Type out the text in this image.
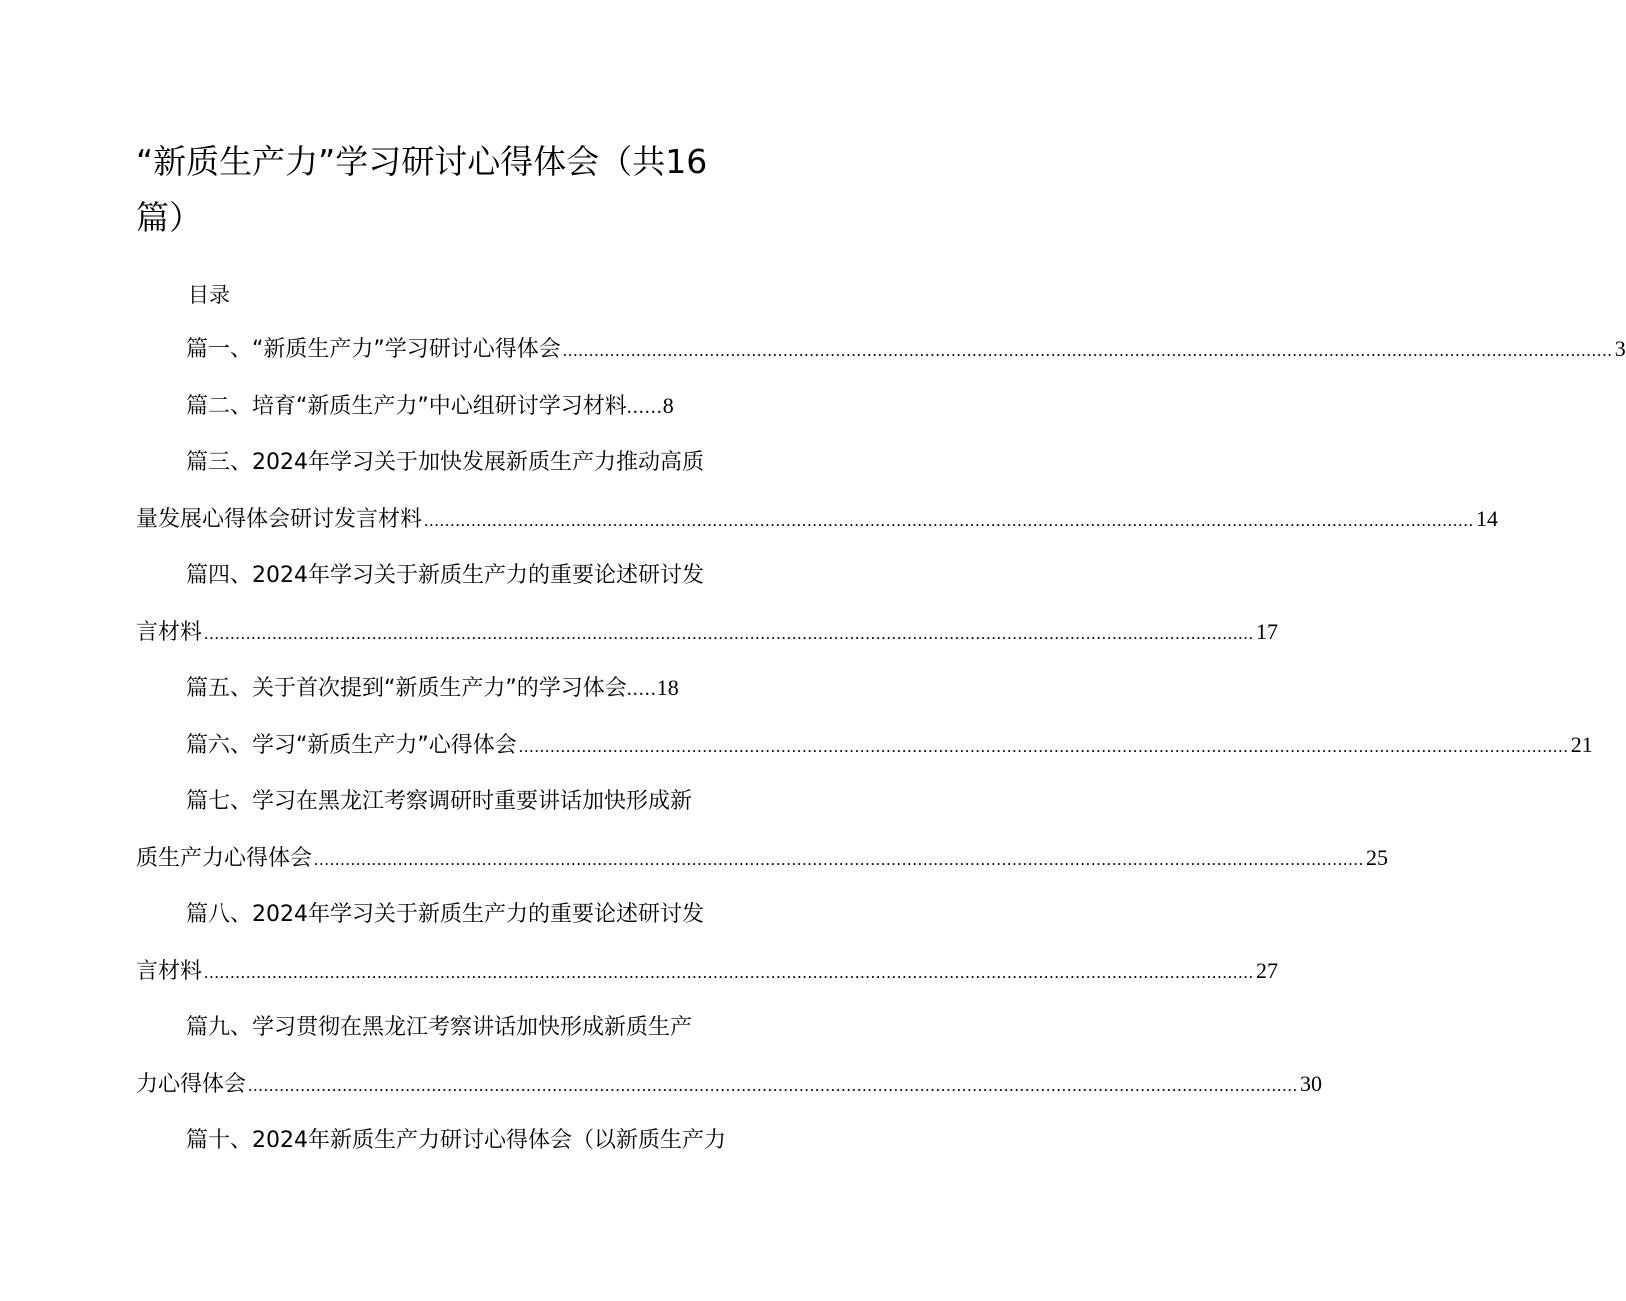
“新质生产力”学习研讨心得体会（共16篇）
目录
篇一、“新质生产力”学习研讨心得体会 ........................................................................................................................................................................................................ 3
篇二、培育“新质生产力”中心组研讨学习材料 ...... 8
篇三、2024年学习关于加快发展新质生产力推动高质
量发展心得体会研讨发言材料 ........................................................................................................................................................................................................ 14
篇四、2024年学习关于新质生产力的重要论述研讨发
言材料 ........................................................................................................................................................................................................ 17
篇五、关于首次提到“新质生产力”的学习体会 ..... 18
篇六、学习“新质生产力”心得体会 ........................................................................................................................................................................................................ 21
篇七、学习在黑龙江考察调研时重要讲话加快形成新
质生产力心得体会 ........................................................................................................................................................................................................ 25
篇八、2024年学习关于新质生产力的重要论述研讨发
言材料 ........................................................................................................................................................................................................ 27
篇九、学习贯彻在黑龙江考察讲话加快形成新质生产
力心得体会 ........................................................................................................................................................................................................ 30
篇十、2024年新质生产力研讨心得体会（以新质生产力
